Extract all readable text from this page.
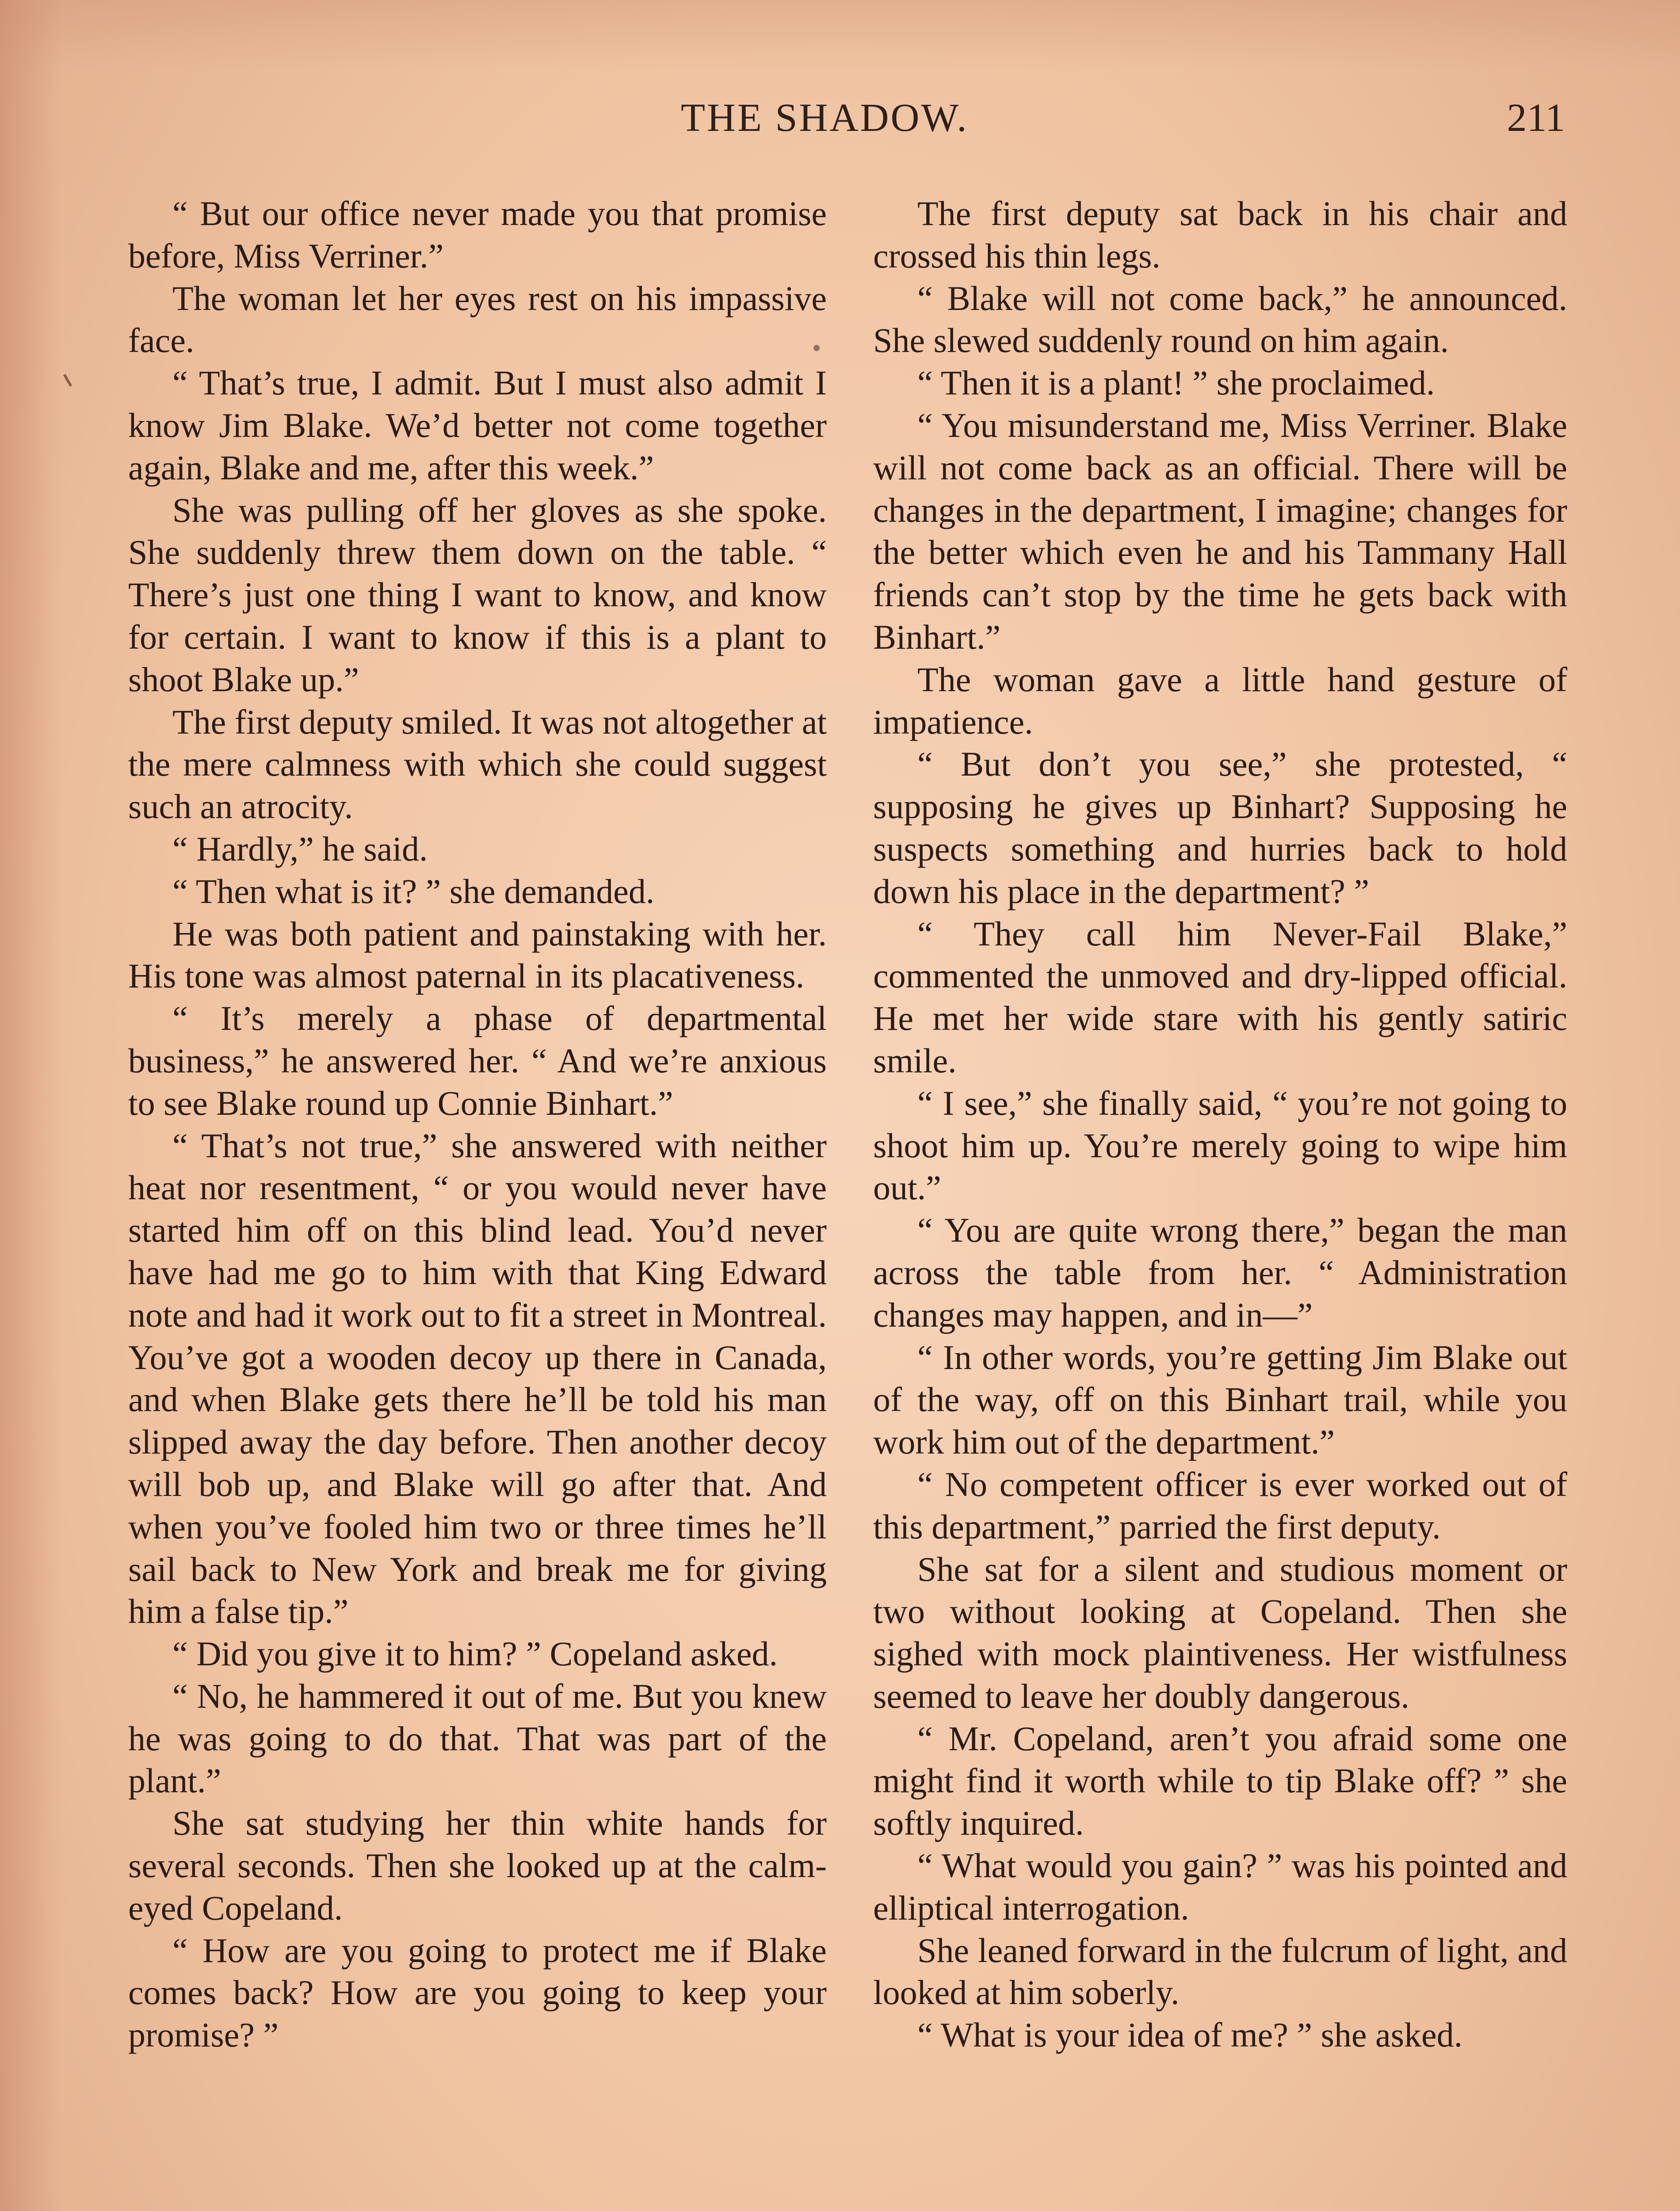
THE SHADOW.	211

“ But our office never made you that promise before, Miss Verriner.”

The woman let her eyes rest on his impassive face.

“ That’s true, I admit. But I must also admit I know Jim Blake. We’d better not come together again, Blake and me, after this week.”

She was pulling off her gloves as she spoke. She suddenly threw them down on the table. “ There’s just one thing I want to know, and know for certain. I want to know if this is a plant to shoot Blake up.”

The first deputy smiled. It was not altogether at the mere calmness with which she could suggest such an atrocity.

“ Hardly,” he said.

“ Then what is it? ” she demanded.

He was both patient and painstaking with her. His tone was almost paternal in its placativeness.

“ It’s merely a phase of departmental business,” he answered her. “ And we’re anxious to see Blake round up Connie Binhart.”

“ That’s not true,” she answered with neither heat nor resentment, “ or you would never have started him off on this blind lead. You’d never have had me go to him with that King Edward note and had it work out to fit a street in Montreal. You’ve got a wooden decoy up there in Canada, and when Blake gets there he’ll be told his man slipped away the day before. Then another decoy will bob up, and Blake will go after that. And when you’ve fooled him two or three times he’ll sail back to New York and break me for giving him a false tip.”

“ Did you give it to him? ” Copeland asked.

“ No, he hammered it out of me. But you knew he was going to do that. That was part of the plant.”

She sat studying her thin white hands for several seconds. Then she looked up at the calm-eyed Copeland.

“ How are you going to protect me if Blake comes back? How are you going to keep your promise? ”

The first deputy sat back in his chair and crossed his thin legs.

“ Blake will not come back,” he announced. She slewed suddenly round on him again.

“ Then it is a plant! ” she proclaimed.

“ You misunderstand me, Miss Verriner. Blake will not come back as an official. There will be changes in the department, I imagine; changes for the better which even he and his Tammany Hall friends can’t stop by the time he gets back with Binhart.”

The woman gave a little hand gesture of impatience.

“ But don’t you see,” she protested, “ supposing he gives up Binhart? Supposing he suspects something and hurries back to hold down his place in the department? ”

“ They call him Never-Fail Blake,” commented the unmoved and dry-lipped official. He met her wide stare with his gently satiric smile.

“ I see,” she finally said, “ you’re not going to shoot him up. You’re merely going to wipe him out.”

“ You are quite wrong there,” began the man across the table from her. “ Administration changes may happen, and in—”

“ In other words, you’re getting Jim Blake out of the way, off on this Binhart trail, while you work him out of the department.”

“ No competent officer is ever worked out of this department,” parried the first deputy.

She sat for a silent and studious moment or two without looking at Copeland. Then she sighed with mock plaintiveness. Her wistfulness seemed to leave her doubly dangerous.

“ Mr. Copeland, aren’t you afraid some one might find it worth while to tip Blake off? ” she softly inquired.

“ What would you gain? ” was his pointed and elliptical interrogation.

She leaned forward in the fulcrum of light, and looked at him soberly.

“ What is your idea of me? ” she asked.
